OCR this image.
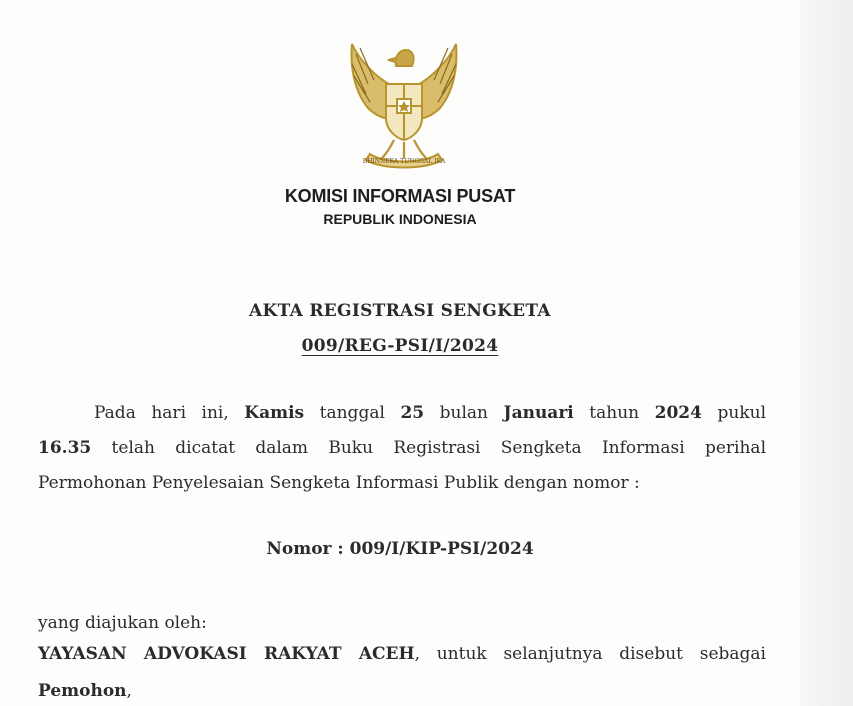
BHINNEKA TUNGGAL IKA
KOMISI INFORMASI PUSAT
REPUBLIK INDONESIA
AKTA REGISTRASI SENGKETA
009/REG-PSI/I/2024
Pada hari ini, Kamis tanggal 25 bulan Januari tahun 2024 pukul
16.35 telah dicatat dalam Buku Registrasi Sengketa Informasi perihal
Permohonan Penyelesaian Sengketa Informasi Publik dengan nomor :
Nomor : 009/I/KIP-PSI/2024
yang diajukan oleh:
YAYASAN ADVOKASI RAKYAT ACEH, untuk selanjutnya disebut sebagai
Pemohon,
